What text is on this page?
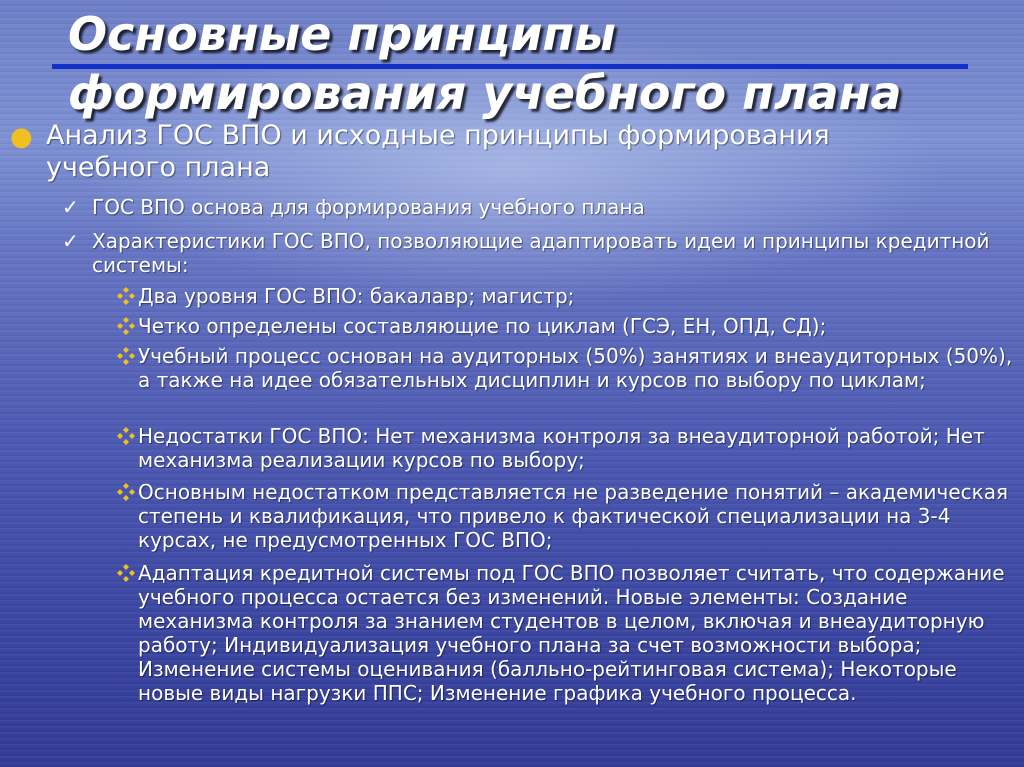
Основные принципы
формирования учебного плана
● Анализ ГОС ВПО и исходные принципы формирования учебного плана
✓ ГОС ВПО основа для формирования учебного плана
✓ Характеристики ГОС ВПО, позволяющие адаптировать идеи и принципы кредитной системы:
Два уровня ГОС ВПО: бакалавр; магистр;
Четко определены составляющие по циклам (ГСЭ, ЕН, ОПД, СД);
Учебный процесс основан на аудиторных (50%) занятиях и внеаудиторных (50%), а также на идее обязательных дисциплин и курсов по выбору по циклам;
Недостатки ГОС ВПО: Нет механизма контроля за внеаудиторной работой; Нет механизма реализации курсов по выбору;
Основным недостатком представляется не разведение понятий – академическая степень и квалификация, что привело к фактической специализации на 3-4 курсах, не предусмотренных ГОС ВПО;
Адаптация кредитной системы под ГОС ВПО позволяет считать, что содержание учебного процесса остается без изменений. Новые элементы: Создание механизма контроля за знанием студентов в целом, включая и внеаудиторную работу; Индивидуализация учебного плана за счет возможности выбора; Изменение системы оценивания (балльно-рейтинговая система); Некоторые новые виды нагрузки ППС; Изменение графика учебного процесса.
